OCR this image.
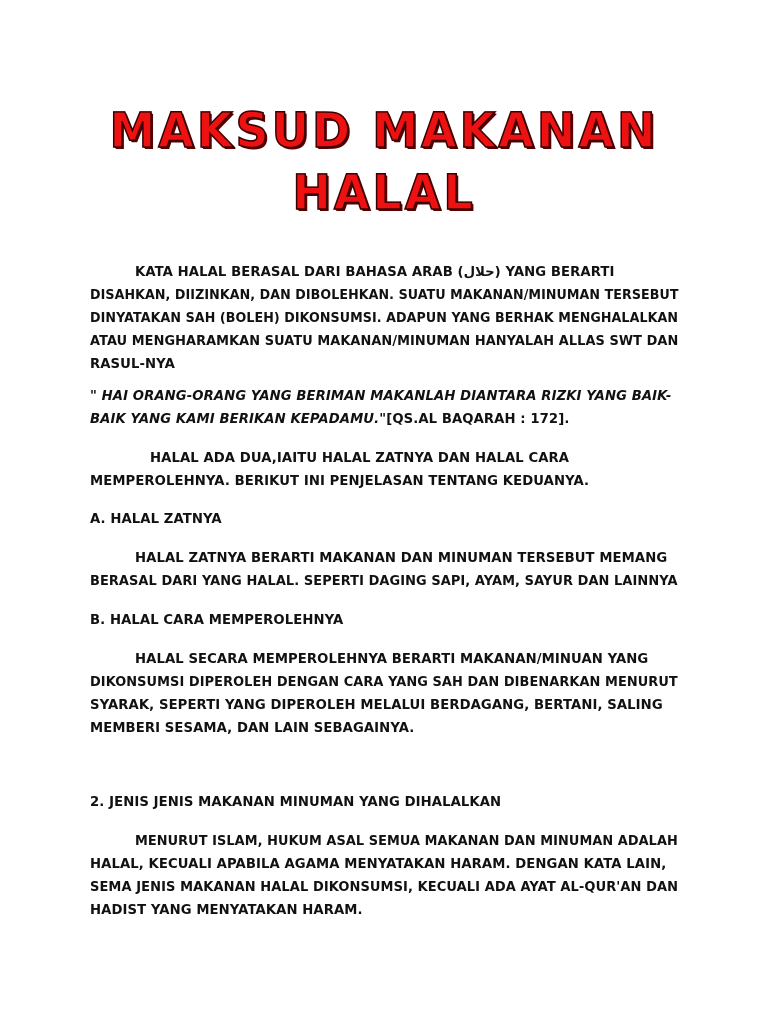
MAKSUD MAKANAN
HALAL
KATA HALAL BERASAL DARI BAHASA ARAB (حلال) YANG BERARTI
DISAHKAN, DIIZINKAN, DAN DIBOLEHKAN. SUATU MAKANAN/MINUMAN TERSEBUT
DINYATAKAN SAH (BOLEH) DIKONSUMSI. ADAPUN YANG BERHAK MENGHALALKAN
ATAU MENGHARAMKAN SUATU MAKANAN/MINUMAN HANYALAH ALLAS SWT DAN
RASUL-NYA
" HAI ORANG-ORANG YANG BERIMAN MAKANLAH DIANTARA RIZKI YANG BAIK-
BAIK YANG KAMI BERIKAN KEPADAMU."[QS.AL BAQARAH : 172].
HALAL ADA DUA,IAITU HALAL ZATNYA DAN HALAL CARA
MEMPEROLEHNYA. BERIKUT INI PENJELASAN TENTANG KEDUANYA.
A. HALAL ZATNYA
HALAL ZATNYA BERARTI MAKANAN DAN MINUMAN TERSEBUT MEMANG
BERASAL DARI YANG HALAL. SEPERTI DAGING SAPI, AYAM, SAYUR DAN LAINNYA
B. HALAL CARA MEMPEROLEHNYA
HALAL SECARA MEMPEROLEHNYA BERARTI MAKANAN/MINUAN YANG
DIKONSUMSI DIPEROLEH DENGAN CARA YANG SAH DAN DIBENARKAN MENURUT
SYARAK, SEPERTI YANG DIPEROLEH MELALUI BERDAGANG, BERTANI, SALING
MEMBERI SESAMA, DAN LAIN SEBAGAINYA.
2. JENIS JENIS MAKANAN MINUMAN YANG DIHALALKAN
MENURUT ISLAM, HUKUM ASAL SEMUA MAKANAN DAN MINUMAN ADALAH
HALAL, KECUALI APABILA AGAMA MENYATAKAN HARAM. DENGAN KATA LAIN,
SEMA JENIS MAKANAN HALAL DIKONSUMSI, KECUALI ADA AYAT AL-QUR'AN DAN
HADIST YANG MENYATAKAN HARAM.
